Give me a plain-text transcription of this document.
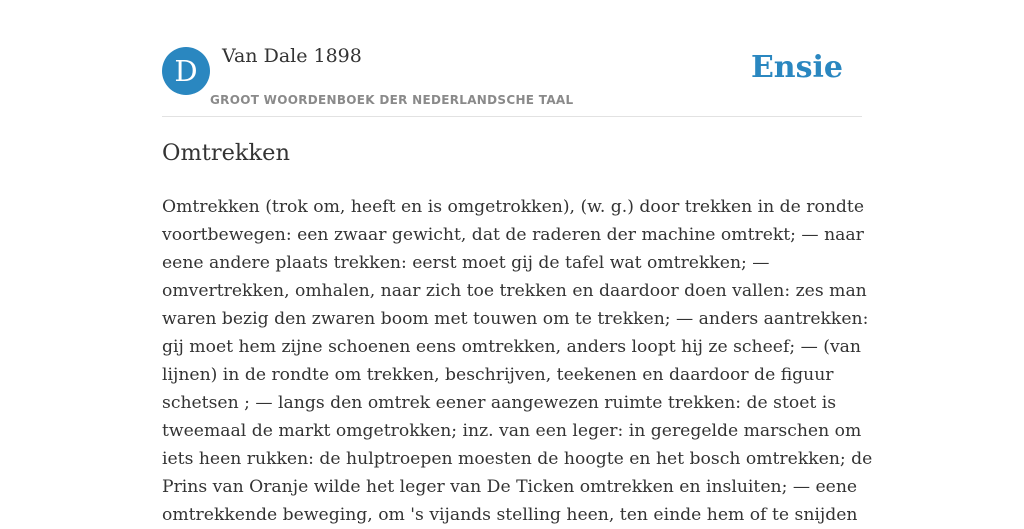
D	Van Dale 1898
GROOT WOORDENBOEK DER NEDERLANDSCHE TAAL
Ensie
Omtrekken

Omtrekken (trok om, heeft en is omgetrokken), (w. g.) door trekken in de rondte
voortbewegen: een zwaar gewicht, dat de raderen der machine omtrekt; — naar
eene andere plaats trekken: eerst moet gij de tafel wat omtrekken; —
omvertrekken, omhalen, naar zich toe trekken en daardoor doen vallen: zes man
waren bezig den zwaren boom met touwen om te trekken; — anders aantrekken:
gij moet hem zijne schoenen eens omtrekken, anders loopt hij ze scheef; — (van
lijnen) in de rondte om trekken, beschrijven, teekenen en daardoor de figuur
schetsen ; — langs den omtrek eener aangewezen ruimte trekken: de stoet is
tweemaal de markt omgetrokken; inz. van een leger: in geregelde marschen om
iets heen rukken: de hulptroepen moesten de hoogte en het bosch omtrekken; de
Prins van Oranje wilde het leger van De Ticken omtrekken en insluiten; — eene
omtrekkende beweging, om 's vijands stelling heen, ten einde hem of te snijden
